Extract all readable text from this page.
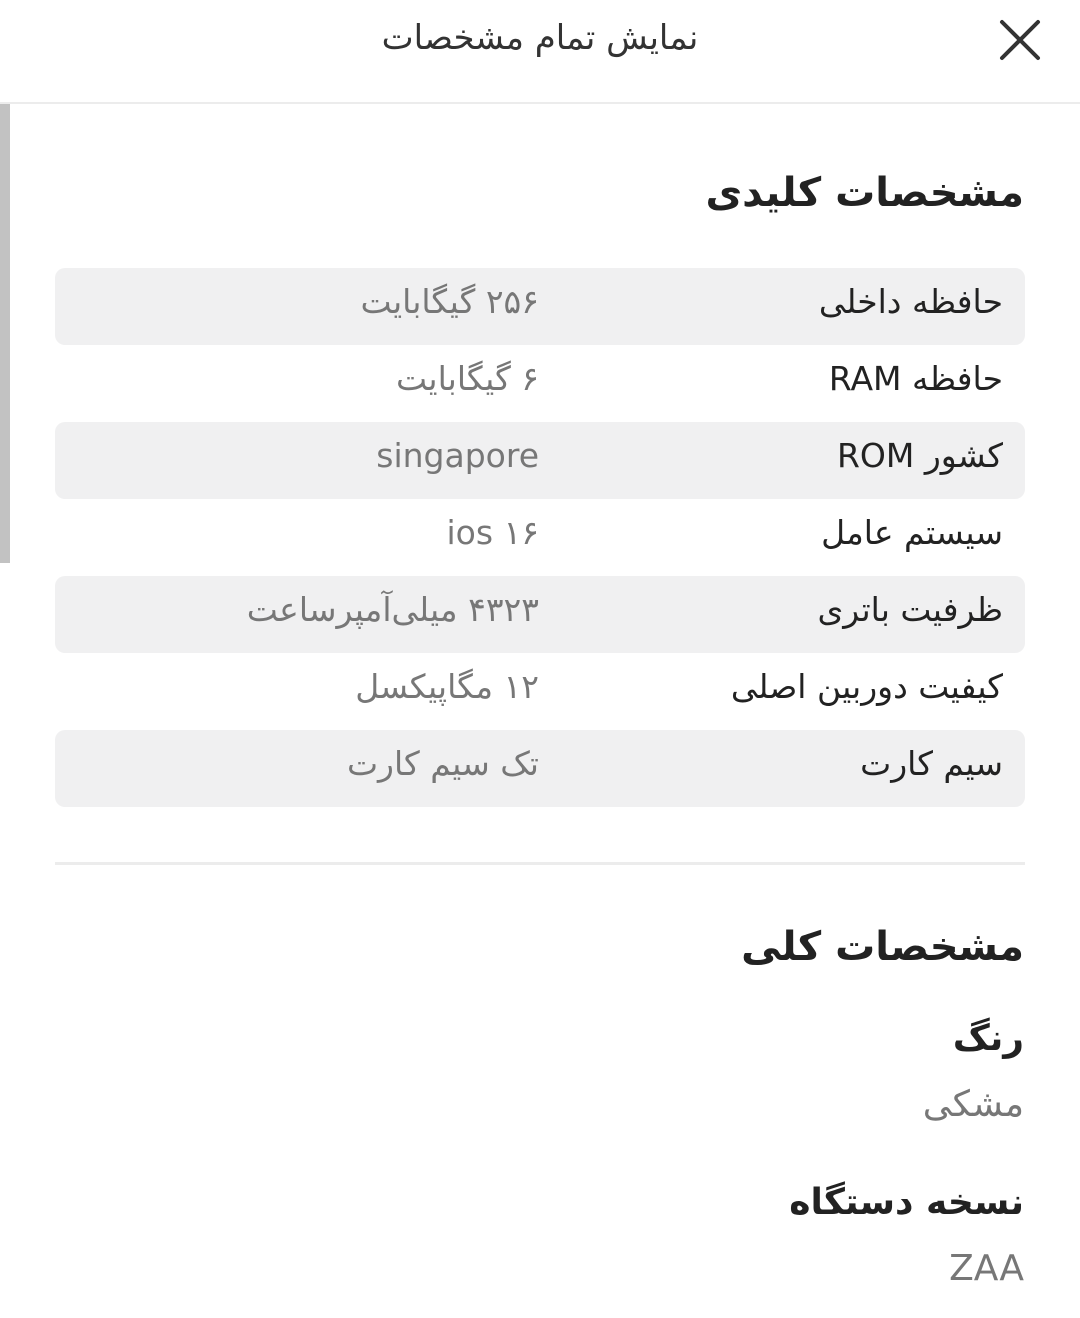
نمایش تمام مشخصات
مشخصات کلیدی
حافظه داخلی
۲۵۶ گیگابایت
حافظه RAM
۶ گیگابایت
کشور ROM
singapore
سیستم عامل
ios ۱۶
ظرفیت باتری
۴۳۲۳ میلی‌آمپرساعت
کیفیت دوربین اصلی
۱۲ مگاپیکسل
سیم کارت
تک سیم کارت
مشخصات کلی
رنگ
مشکی
نسخه دستگاه
ZAA
